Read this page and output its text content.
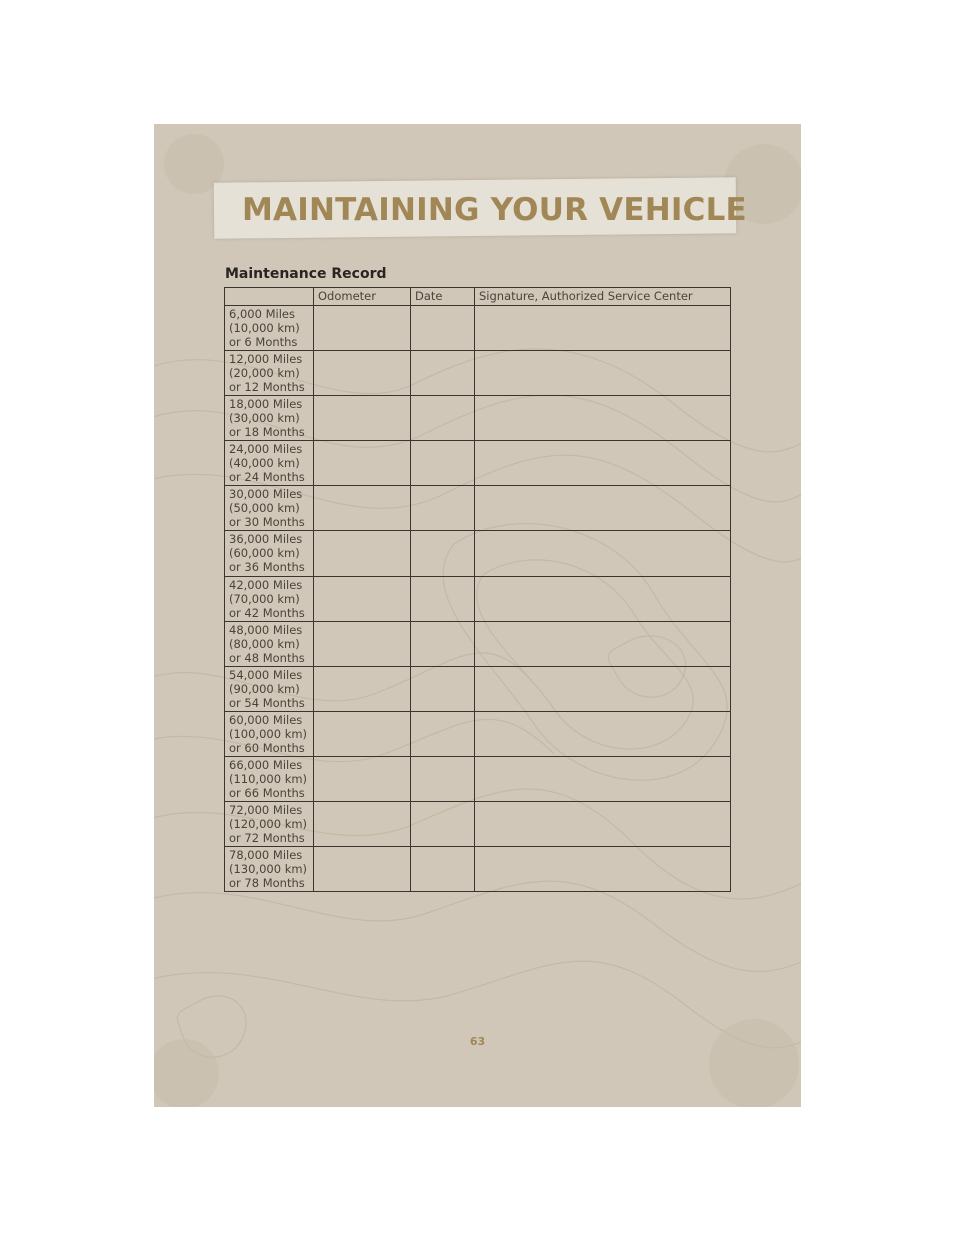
MAINTAINING YOUR VEHICLE
Maintenance Record
	Odometer	Date	Signature, Authorized Service Center

6,000 Miles
(10,000 km)
or 6 Months			

12,000 Miles
(20,000 km)
or 12 Months			

18,000 Miles
(30,000 km)
or 18 Months			

24,000 Miles
(40,000 km)
or 24 Months			

30,000 Miles
(50,000 km)
or 30 Months			

36,000 Miles
(60,000 km)
or 36 Months			

42,000 Miles
(70,000 km)
or 42 Months			

48,000 Miles
(80,000 km)
or 48 Months			

54,000 Miles
(90,000 km)
or 54 Months			

60,000 Miles
(100,000 km)
or 60 Months			

66,000 Miles
(110,000 km)
or 66 Months			

72,000 Miles
(120,000 km)
or 72 Months			

78,000 Miles
(130,000 km)
or 78 Months			

63
